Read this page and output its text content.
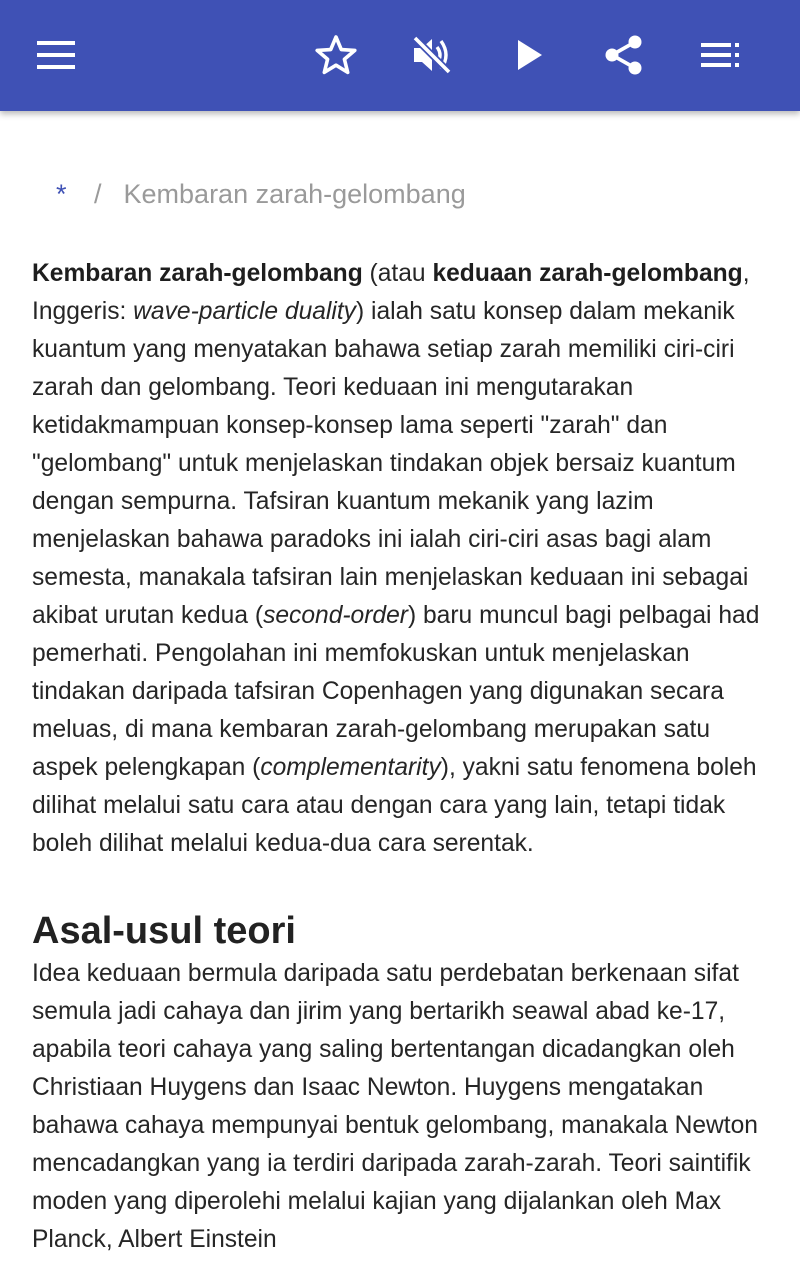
* / Kembaran zarah-gelombang

Kembaran zarah-gelombang (atau keduaan zarah-gelombang, Inggeris: wave-particle duality) ialah satu konsep dalam mekanik kuantum yang menyatakan bahawa setiap zarah memiliki ciri-ciri zarah dan gelombang. Teori keduaan ini mengutarakan ketidakmampuan konsep-konsep lama seperti "zarah" dan "gelombang" untuk menjelaskan tindakan objek bersaiz kuantum dengan sempurna. Tafsiran kuantum mekanik yang lazim menjelaskan bahawa paradoks ini ialah ciri-ciri asas bagi alam semesta, manakala tafsiran lain menjelaskan keduaan ini sebagai akibat urutan kedua (second-order) baru muncul bagi pelbagai had pemerhati. Pengolahan ini memfokuskan untuk menjelaskan tindakan daripada tafsiran Copenhagen yang digunakan secara meluas, di mana kembaran zarah-gelombang merupakan satu aspek pelengkapan (complementarity), yakni satu fenomena boleh dilihat melalui satu cara atau dengan cara yang lain, tetapi tidak boleh dilihat melalui kedua-dua cara serentak.

Asal-usul teori

Idea keduaan bermula daripada satu perdebatan berkenaan sifat semula jadi cahaya dan jirim yang bertarikh seawal abad ke-17, apabila teori cahaya yang saling bertentangan dicadangkan oleh Christiaan Huygens dan Isaac Newton. Huygens mengatakan bahawa cahaya mempunyai bentuk gelombang, manakala Newton mencadangkan yang ia terdiri daripada zarah-zarah. Teori saintifik moden yang diperolehi melalui kajian yang dijalankan oleh Max Planck, Albert Einstein
